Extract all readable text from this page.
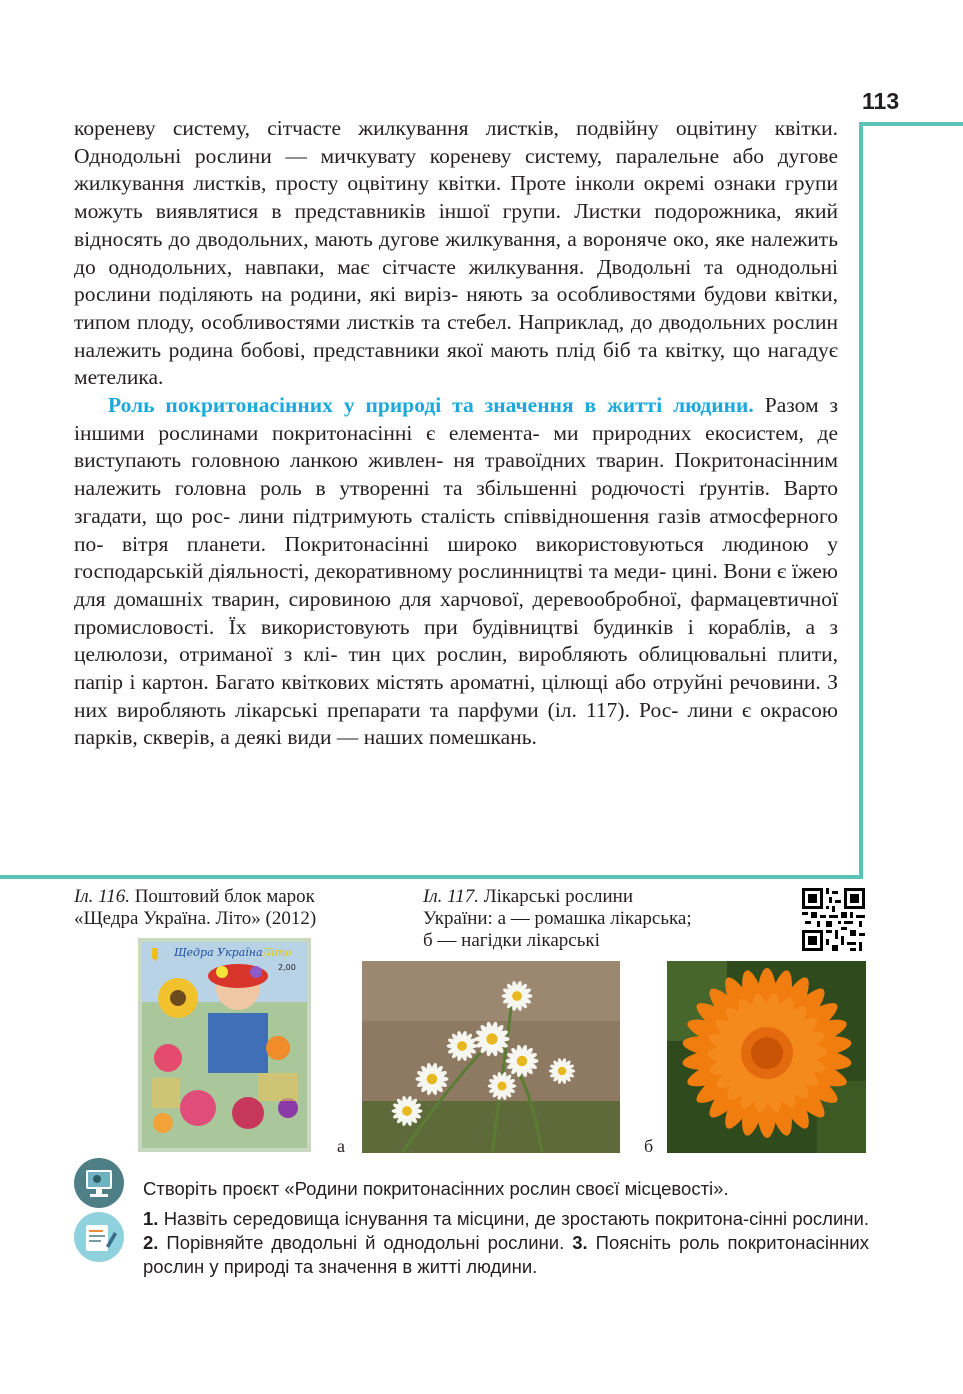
113

кореневу систему, сітчасте жилкування листків, подвійну оцвітину квітки. Однодольні рослини — мичкувату кореневу систему, паралельне або дугове жилкування листків, просту оцвітину квітки. Проте інколи окремі ознаки групи можуть виявлятися в представників іншої групи. Листки подорожника, який відносять до дводольних, мають дугове жилкування, а вороняче око, яке належить до однодольних, навпаки, має сітчасте жилкування. Дводольні та однодольні рослини поділяють на родини, які виріз- няють за особливостями будови квітки, типом плоду, особливостями листків та стебел. Наприклад, до дводольних рослин належить родина бобові, представники якої мають плід біб та квітку, що нагадує метелика.

Роль покритонасінних у природі та значення в житті людини. Разом з іншими рослинами покритонасінні є елемента- ми природних екосистем, де виступають головною ланкою живлен- ня травоїдних тварин. Покритонасінним належить головна роль в утворенні та збільшенні родючості ґрунтів. Варто згадати, що рос- лини підтримують сталість співвідношення газів атмосферного по- вітря планети. Покритонасінні широко використовуються людиною у господарській діяльності, декоративному рослинництві та меди- цині. Вони є їжею для домашніх тварин, сировиною для харчової, деревообробної, фармацевтичної промисловості. Їх використовують при будівництві будинків і кораблів, а з целюлози, отриманої з клі- тин цих рослин, виробляють облицювальні плити, папір і картон. Багато квіткових містять ароматні, цілющі або отруйні речовини. З них виробляють лікарські препарати та парфуми (іл. 117). Рос- лини є окрасою парків, скверів, а деякі види — наших помешкань.

Іл. 116. Поштовий блок марок
«Щедра Україна. Літо» (2012)

Іл. 117. Лікарські рослини
України: а — ромашка лікарська;
б — нагідки лікарські

Щедра Україна Літо
2,00
а	б

Створіть проєкт «Родини покритонасінних рослин своєї місцевості».

1. Назвіть середовища існування та місцини, де зростають покритона-сінні рослини. 2. Порівняйте дводольні й однодольні рослини. 3. Поясніть роль покритонасінних рослин у природі та значення в житті людини.
